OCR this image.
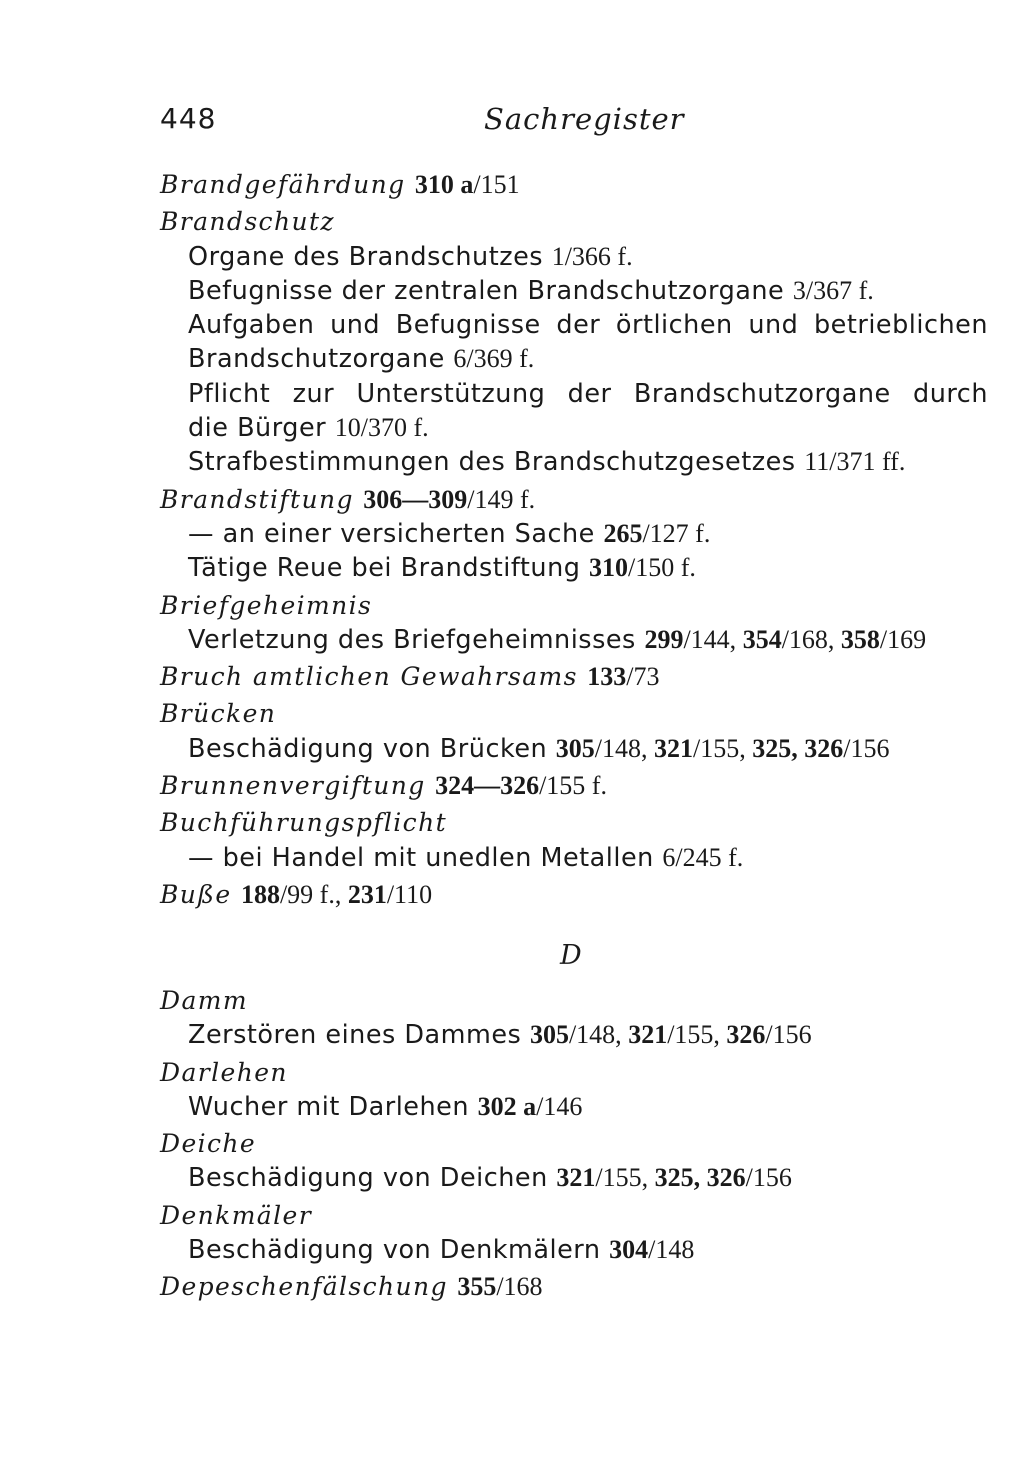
448	Sachregister
Brandgefährdung 310 a/151
Brandschutz
Organe des Brandschutzes 1/366 f.
Befugnisse der zentralen Brandschutzorgane 3/367 f.
Aufgaben und Befugnisse der örtlichen und betrieblichen
Brandschutzorgane 6/369 f.
Pflicht zur Unterstützung der Brandschutzorgane durch
die Bürger 10/370 f.
Strafbestimmungen des Brandschutzgesetzes 11/371 ff.
Brandstiftung 306—309/149 f.
— an einer versicherten Sache 265/127 f.
Tätige Reue bei Brandstiftung 310/150 f.
Briefgeheimnis
Verletzung des Briefgeheimnisses 299/144, 354/168, 358/169
Bruch amtlichen Gewahrsams 133/73
Brücken
Beschädigung von Brücken 305/148, 321/155, 325, 326/156
Brunnenvergiftung 324—326/155 f.
Buchführungspflicht
— bei Handel mit unedlen Metallen 6/245 f.
Buße 188/99 f., 231/110
D
Damm
Zerstören eines Dammes 305/148, 321/155, 326/156
Darlehen
Wucher mit Darlehen 302 a/146
Deiche
Beschädigung von Deichen 321/155, 325, 326/156
Denkmäler
Beschädigung von Denkmälern 304/148
Depeschenfälschung 355/168
